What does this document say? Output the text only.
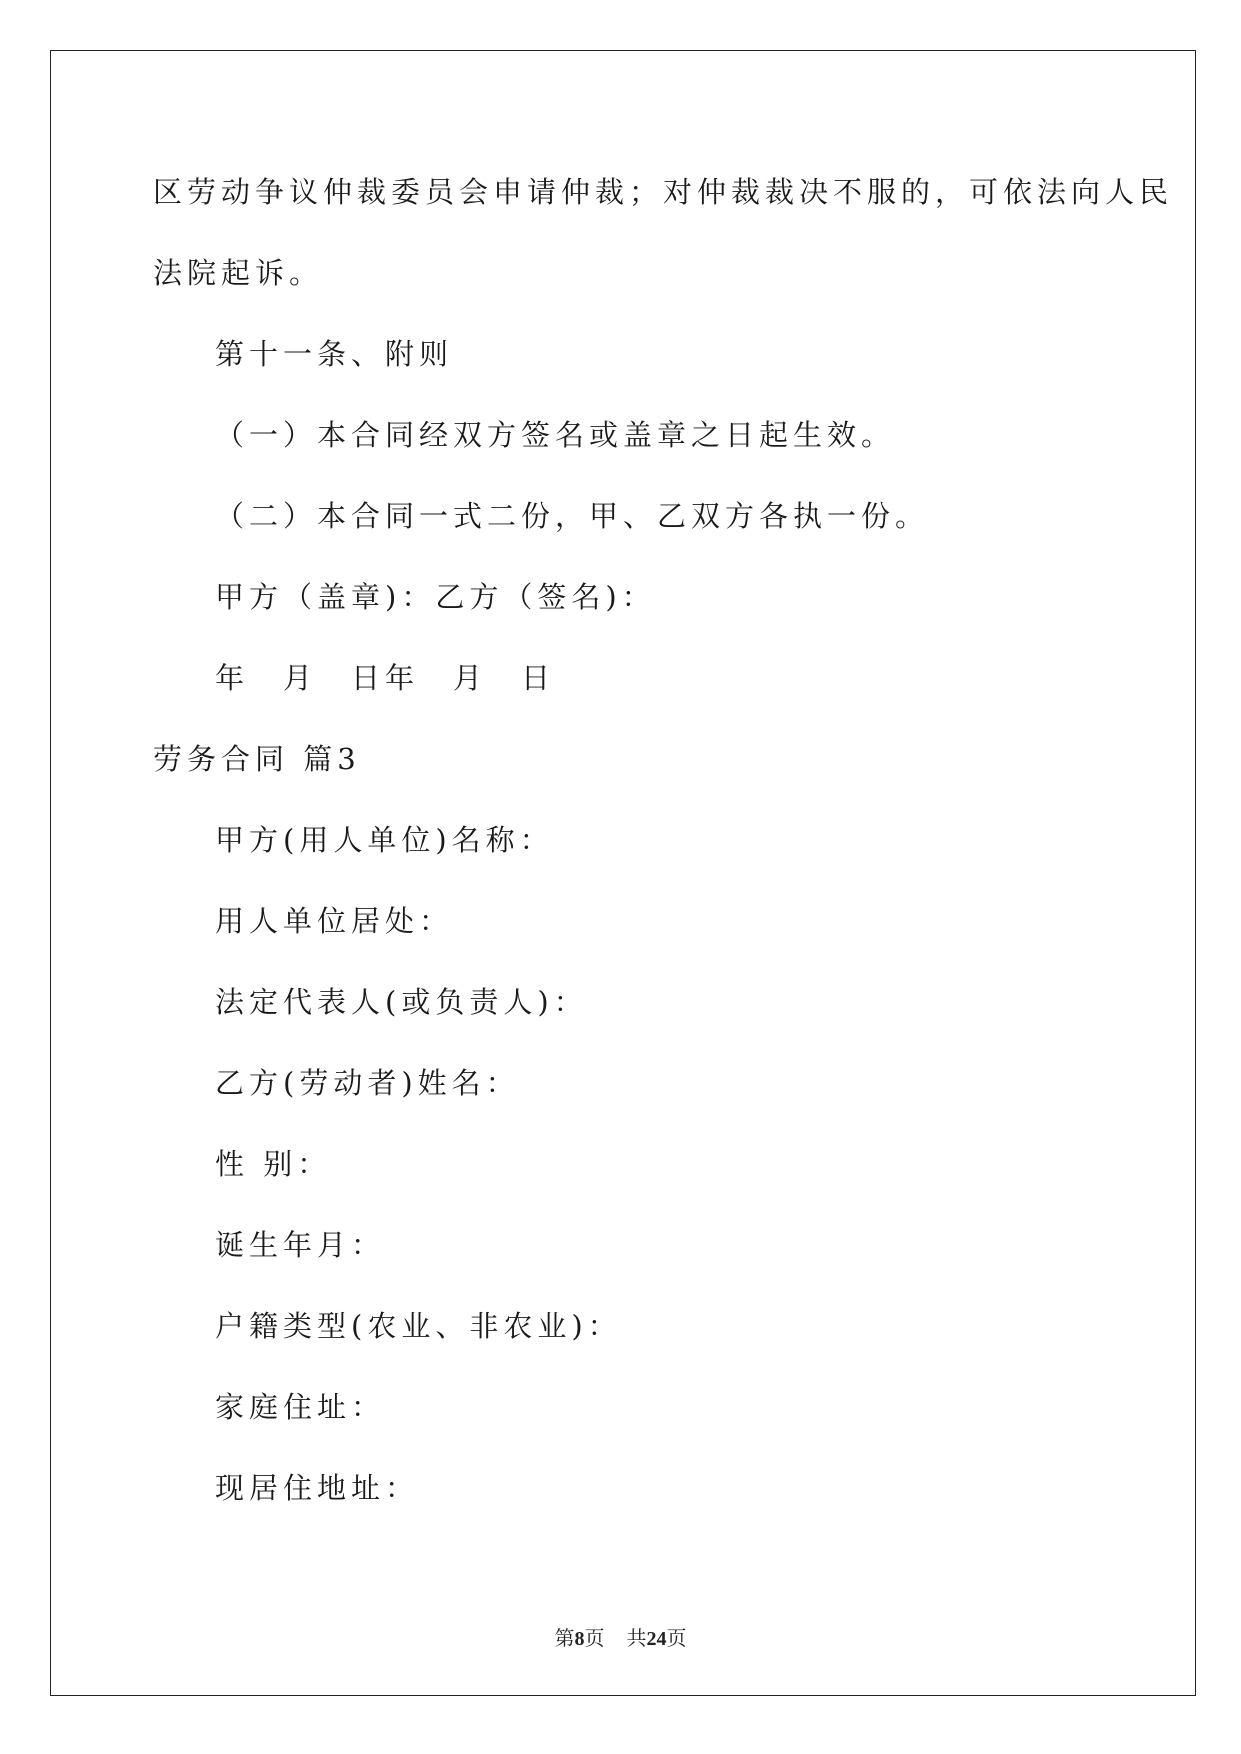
区劳动争议仲裁委员会申请仲裁；对仲裁裁决不服的，可依法向人民
法院起诉。
第十一条、附则
（一）本合同经双方签名或盖章之日起生效。
（二）本合同一式二份，甲、乙双方各执一份。
甲方（盖章)：乙方（签名)：
年　月　日年　月　日
劳务合同 篇3
甲方(用人单位)名称：
用人单位居处：
法定代表人(或负责人)：
乙方(劳动者)姓名：
性 别：
诞生年月：
户籍类型(农业、非农业)：
家庭住址：
现居住地址：
第8页 共24页
